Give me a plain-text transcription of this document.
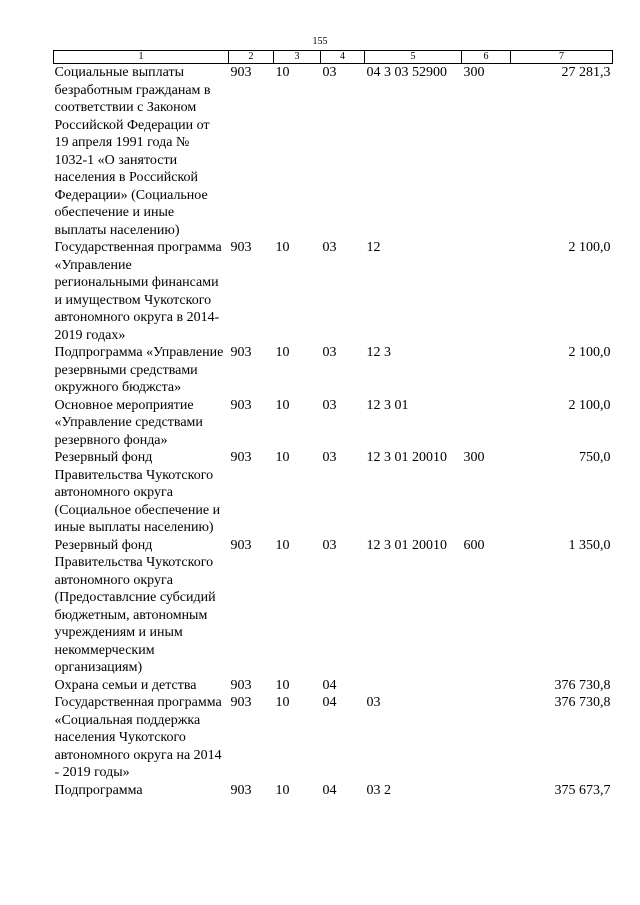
155
1	2	3	4	5	6	7
Социальные выплаты безработным гражданам в соответствии с Законом Российской Федерации от 19 апреля 1991 года № 1032-1 «О занятости населения в Российской Федерации» (Социальное обеспечение и иные выплаты населению)	903	10	03	04 3 03 52900	300	27 281,3
Государственная программа «Управление региональными финансами и имуществом Чукотского автономного округа в 2014-2019 годах»	903	10	03	12		2 100,0
Подпрограмма «Управление резервными средствами окружного бюджста»	903	10	03	12 3		2 100,0
Основное мероприятие «Управление средствами резервного фонда»	903	10	03	12 3 01		2 100,0
Резервный фонд Правительства Чукотского автономного округа (Социальное обеспечение и иные выплаты населению)	903	10	03	12 3 01 20010	300	750,0
Резервный фонд Правительства Чукотского автономного округа (Предоставлсние субсидий бюджетным, автономным учреждениям и иным некоммерческим организациям)	903	10	03	12 3 01 20010	600	1 350,0
Охрана семьи и детства	903	10	04			376 730,8
Государственная программа «Социальная поддержка населения Чукотского автономного округа на 2014 - 2019 годы»	903	10	04	03		376 730,8
Подпрограмма	903	10	04	03 2		375 673,7
